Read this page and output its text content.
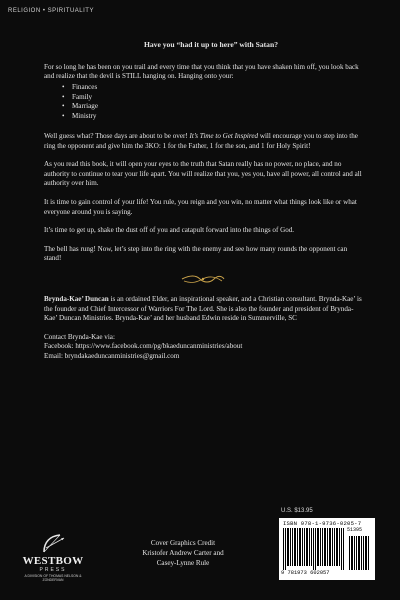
RELIGION • SPIRITUALITY
Have you “had it up to here” with Satan?

For so long he has been on you trail and every time that you think that you have shaken him off, you look back and realize that the devil is STILL hanging on. Hanging onto your:

• Finances
• Family
• Marriage
• Ministry

Well guess what? Those days are about to be over! It’s Time to Get Inspired will encourage you to step into the ring the opponent and give him the 3KO: 1 for the Father, 1 for the son, and 1 for Holy Spirit!

As you read this book, it will open your eyes to the truth that Satan really has no power, no place, and no authority to continue to tear your life apart. You will realize that you, yes you, have all power, all control and all authority over him.

It is time to gain control of your life! You rule, you reign and you win, no matter what things look like or what everyone around you is saying.

It’s time to get up, shake the dust off of you and catapult forward into the things of God.

The bell has rung! Now, let’s step into the ring with the enemy and see how many rounds the opponent can stand!

Brynda-Kae’ Duncan is an ordained Elder, an inspirational speaker, and a Christian consultant. Brynda-Kae’ is the founder and Chief Intercessor of Warriors For The Lord. She is also the founder and president of Brynda-Kae’ Duncan Ministries. Brynda-Kae’ and her husband Edwin reside in Summerville, SC

Contact Brynda-Kae via:
Facebook: https://www.facebook.com/pg/bkaeduncanministries/about
Email: bryndakaeduncanministries@gmail.com
U.S. $13.95
ISBN 978-1-9736-0205-7
51395
9 781973 602057
WESTBOW
PRESS
A DIVISION OF THOMAS NELSON & ZONDERVAN
Cover Graphics Credit
Kristofer Andrew Carter and
Casey-Lynne Rule
